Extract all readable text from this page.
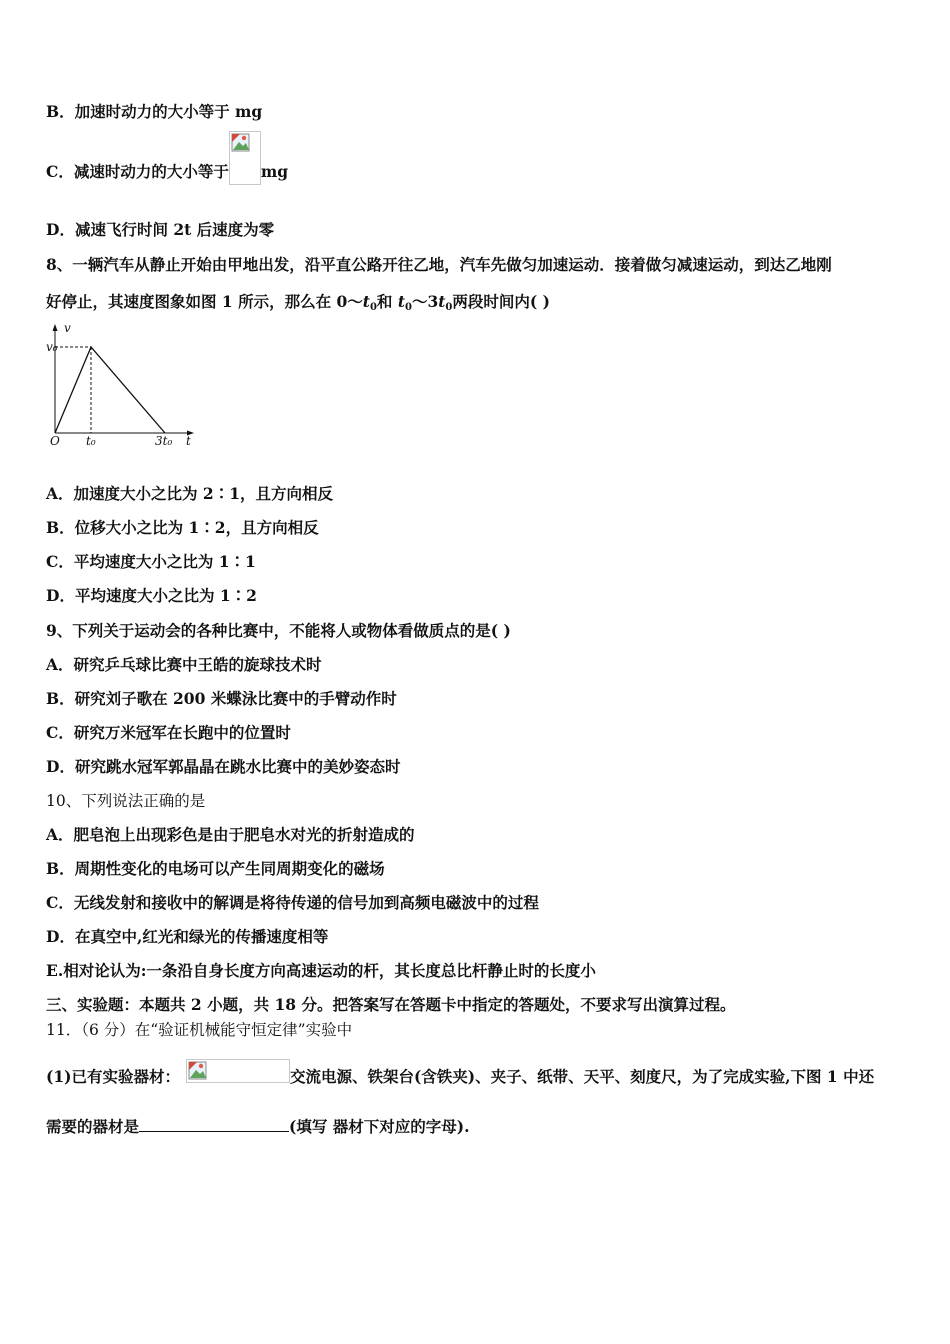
B．加速时动力的大小等于 mg
C．减速时动力的大小等于 mg
D．减速飞行时间 2t 后速度为零
8、一辆汽车从静止开始由甲地出发，沿平直公路开往乙地，汽车先做匀加速运动．接着做匀减速运动，到达乙地刚
好停止，其速度图象如图 1 所示，那么在 $0\sim t_0$和 $t_0\sim 3t_0$两段时间内( )
v
v₀
O t₀	3t₀ t
A．加速度大小之比为 2∶1，且方向相反
B．位移大小之比为 1∶2，且方向相反
C．平均速度大小之比为 1∶1
D．平均速度大小之比为 1∶2
9、下列关于运动会的各种比赛中，不能将人或物体看做质点的是( )
A．研究乒乓球比赛中王皓的旋球技术时
B．研究刘子歌在 200 米蝶泳比赛中的手臂动作时
C．研究万米冠军在长跑中的位置时
D．研究跳水冠军郭晶晶在跳水比赛中的美妙姿态时
10、下列说法正确的是
A．肥皂泡上出现彩色是由于肥皂水对光的折射造成的
B．周期性变化的电场可以产生同周期变化的磁场
C．无线发射和接收中的解调是将待传递的信号加到高频电磁波中的过程
D．在真空中,红光和绿光的传播速度相等
E.相对论认为:一条沿自身长度方向高速运动的杆，其长度总比杆静止时的长度小
三、实验题：本题共 2 小题，共 18 分。把答案写在答题卡中指定的答题处，不要求写出演算过程。
11．（6 分）在“验证机械能守恒定律”实验中
(1)已有实验器材：	交流电源、铁架台(含铁夹)、夹子、纸带、天平、刻度尺，为了完成实验,下图 1 中还
需要的器材是	(填写 器材下对应的字母).
